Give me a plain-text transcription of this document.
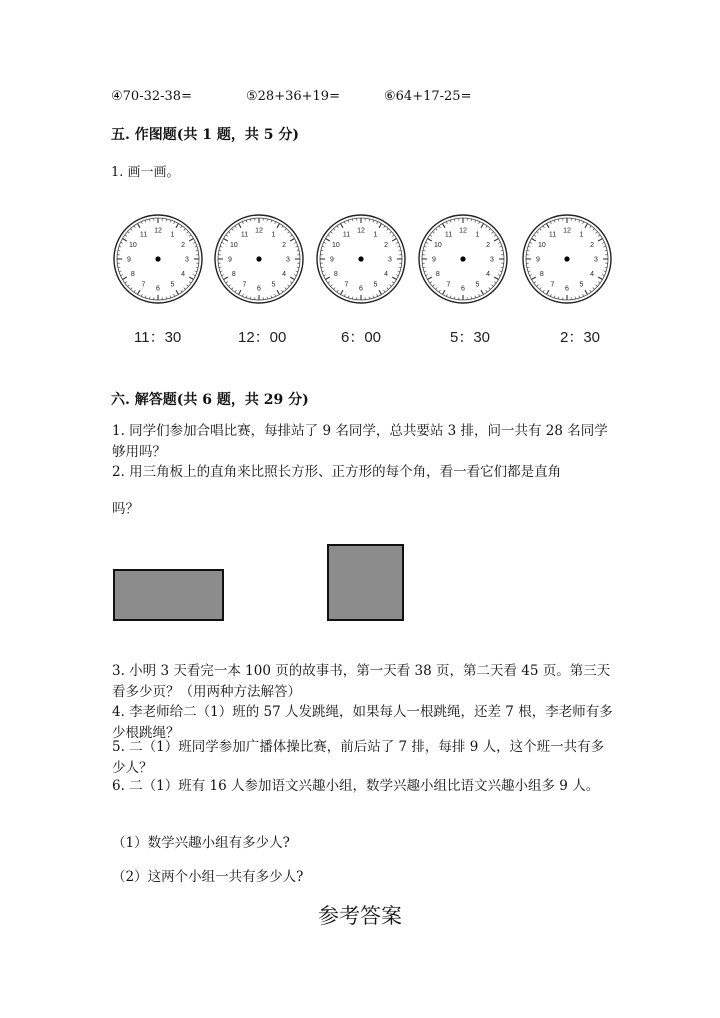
④70-32-38=	⑤28+36+19=	⑥64+17-25=
五. 作图题(共 1 题，共 5 分)
1. 画一画。
12
1
2
3
4
5
6
7
8
9
10
11
12
1
2
3
4
5
6
7
8
9
10
11
12
1
2
3
4
5
6
7
8
9
10
11
12
1
2
3
4
5
6
7
8
9
10
11
12
1
2
3
4
5
6
7
8
9
10
11
11：30	12：00	6：00	5：30	2：30
六. 解答题(共 6 题，共 29 分)
1. 同学们参加合唱比赛，每排站了 9 名同学，总共要站 3 排，问一共有 28 名同学够用吗？
2. 用三角板上的直角来比照长方形、正方形的每个角，看一看它们都是直角
吗？
3. 小明 3 天看完一本 100 页的故事书，第一天看 38 页，第二天看 45 页。第三天看多少页？（用两种方法解答）
4. 李老师给二（1）班的 57 人发跳绳，如果每人一根跳绳，还差 7 根，李老师有多少根跳绳？
5. 二（1）班同学参加广播体操比赛，前后站了 7 排，每排 9 人，这个班一共有多少人？
6. 二（1）班有 16 人参加语文兴趣小组，数学兴趣小组比语文兴趣小组多 9 人。
（1）数学兴趣小组有多少人?
（2）这两个小组一共有多少人?
参考答案
